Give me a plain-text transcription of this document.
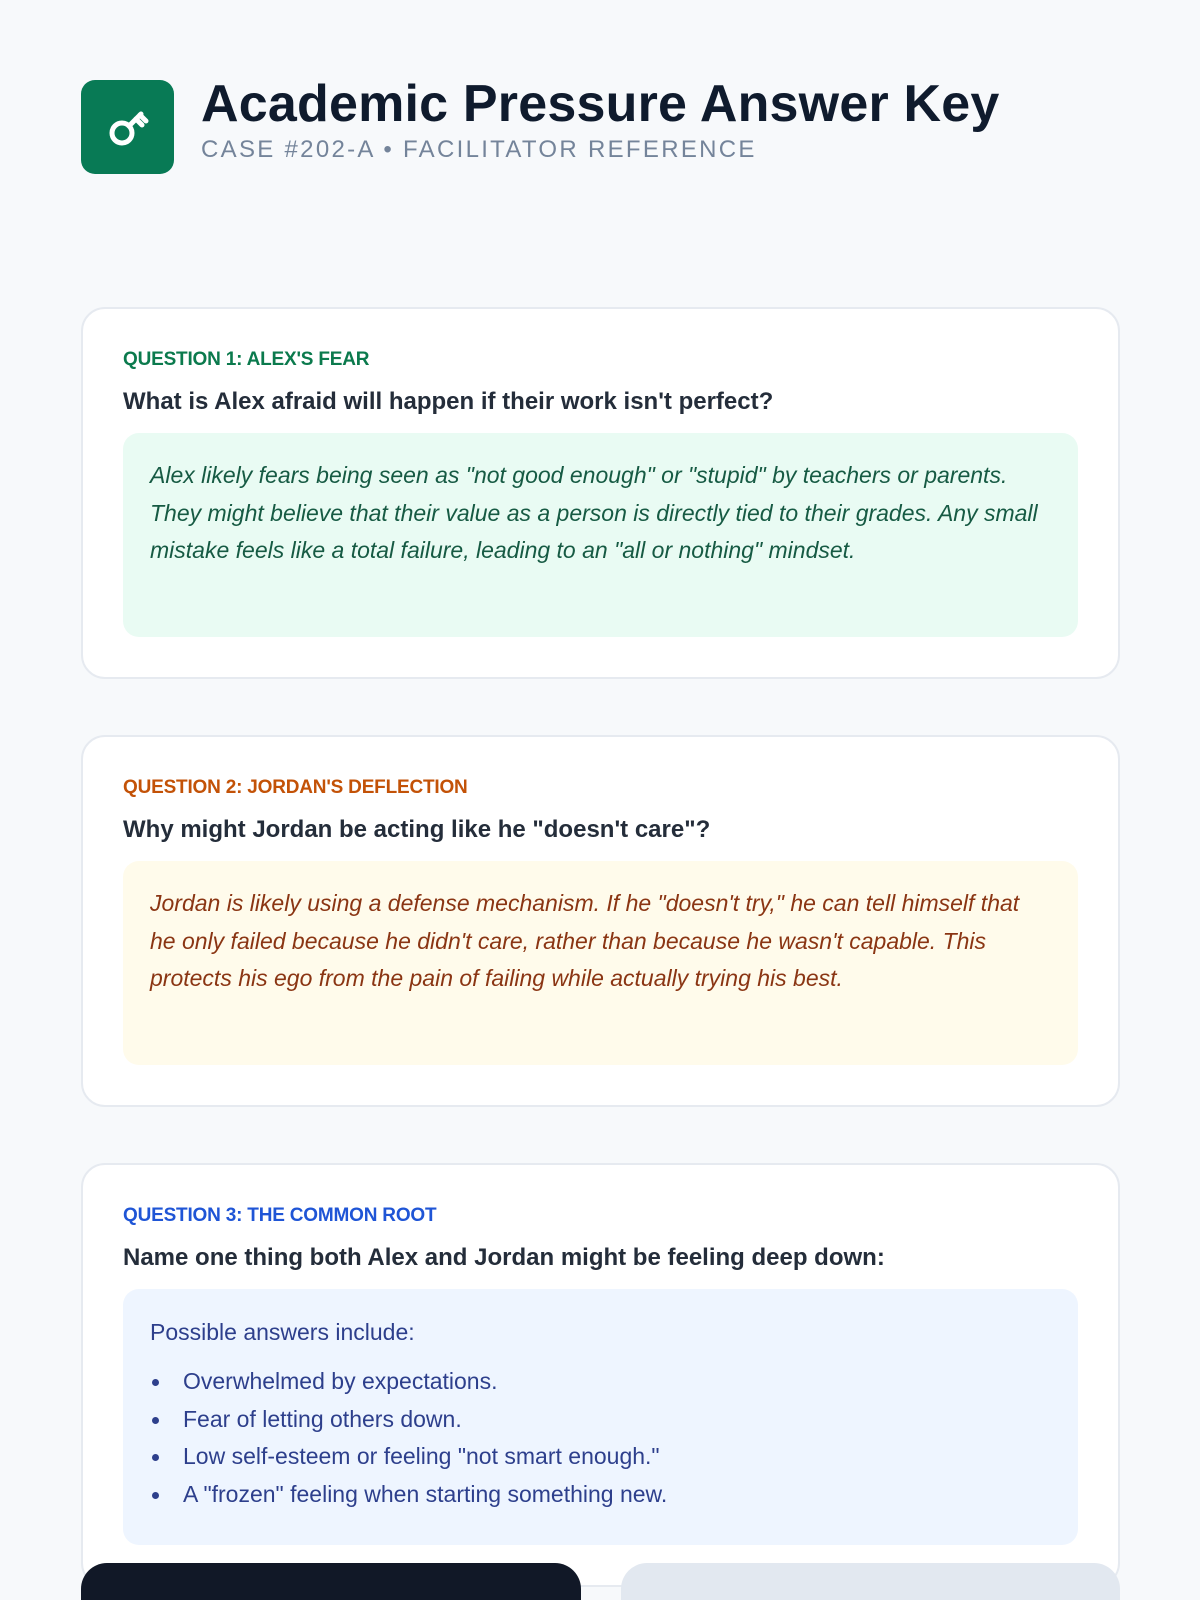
Academic Pressure Answer Key
CASE #202-A • FACILITATOR REFERENCE
QUESTION 1: ALEX'S FEAR
What is Alex afraid will happen if their work isn't perfect?
Alex likely fears being seen as "not good enough" or "stupid" by teachers or parents. They might believe that their value as a person is directly tied to their grades. Any small mistake feels like a total failure, leading to an "all or nothing" mindset.
QUESTION 2: JORDAN'S DEFLECTION
Why might Jordan be acting like he "doesn't care"?
Jordan is likely using a defense mechanism. If he "doesn't try," he can tell himself that he only failed because he didn't care, rather than because he wasn't capable. This protects his ego from the pain of failing while actually trying his best.
QUESTION 3: THE COMMON ROOT
Name one thing both Alex and Jordan might be feeling deep down:
Possible answers include:
Overwhelmed by expectations.
Fear of letting others down.
Low self-esteem or feeling "not smart enough."
A "frozen" feeling when starting something new.
